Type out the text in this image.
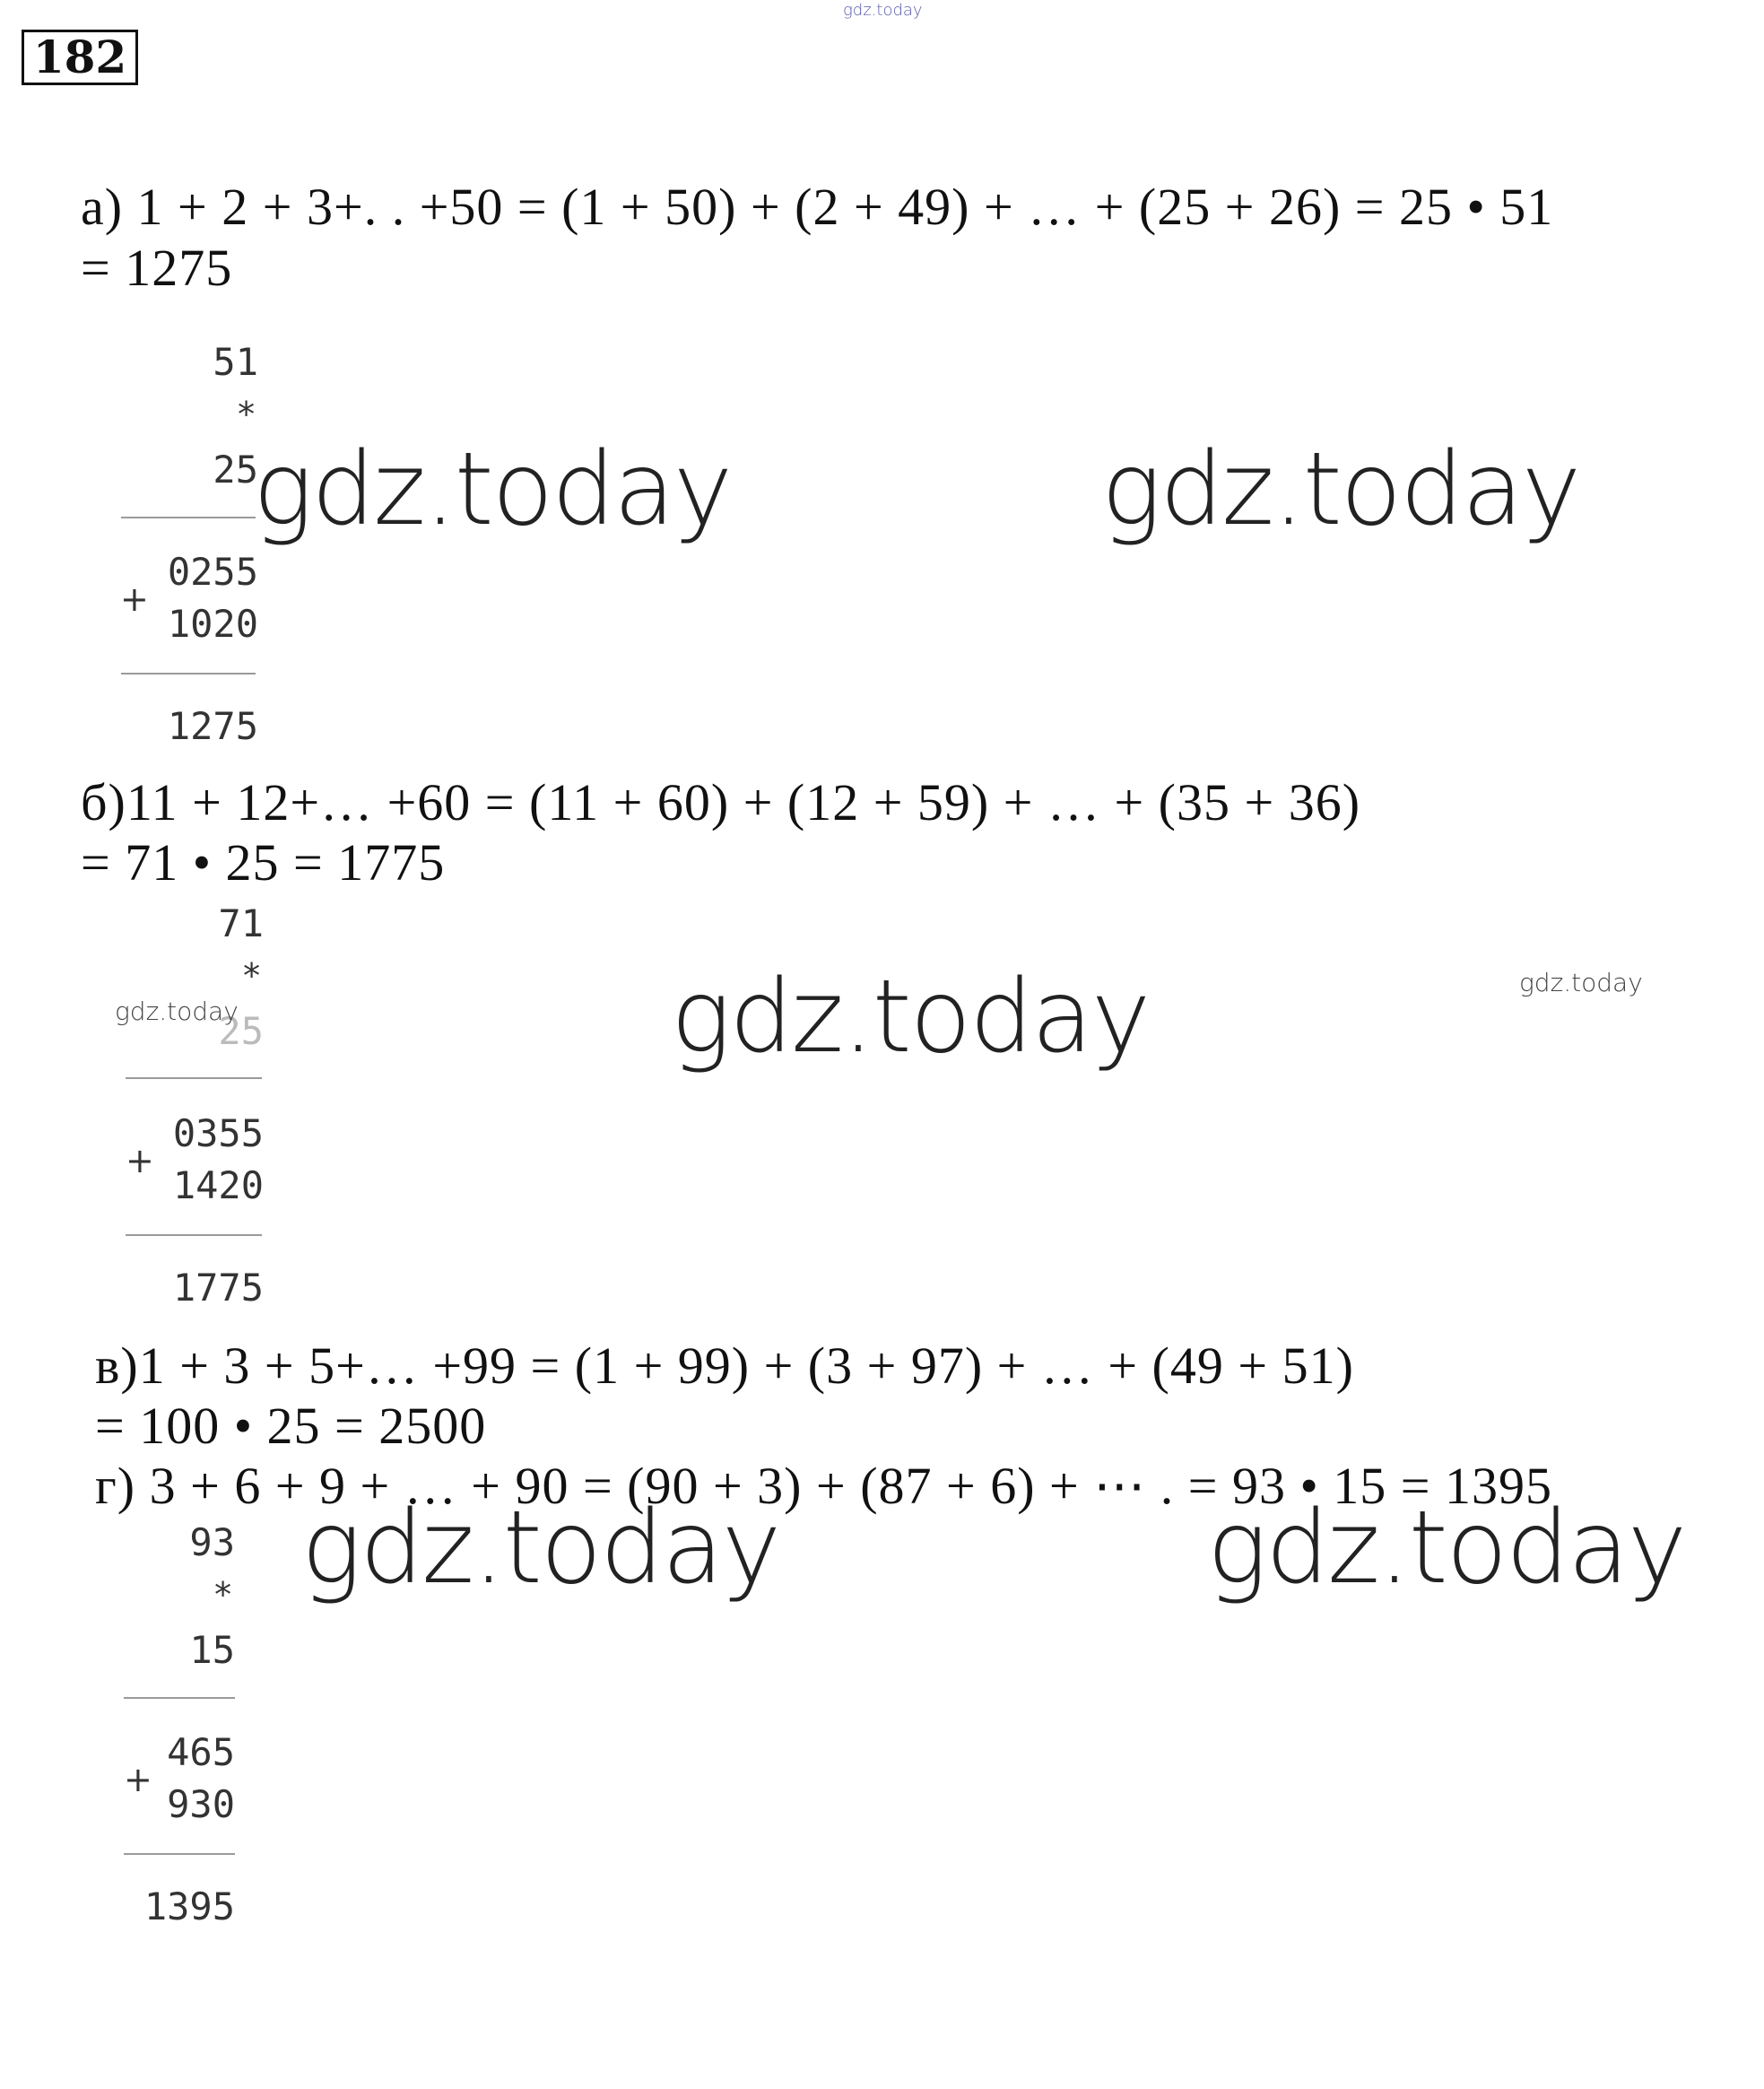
gdz.today
182
а) 1 + 2 + 3+. . +50 = (1 + 50) + (2 + 49) + … + (25 + 26) = 25 • 51
= 1275
51
*
25
0255
+
1020
1275
gdz.today	gdz.today
б)11 + 12+… +60 = (11 + 60) + (12 + 59) + … + (35 + 36)
= 71 • 25 = 1775
71
*
25
0355
+
1420
1775
gdz.today	gdz.today	gdz.today
в)1 + 3 + 5+… +99 = (1 + 99) + (3 + 97) + … + (49 + 51)
= 100 • 25 = 2500
г) 3 + 6 + 9 + … + 90 = (90 + 3) + (87 + 6) + ⋯ . = 93 • 15 = 1395
93
*
15
465
+
930
1395
gdz.today	gdz.today
